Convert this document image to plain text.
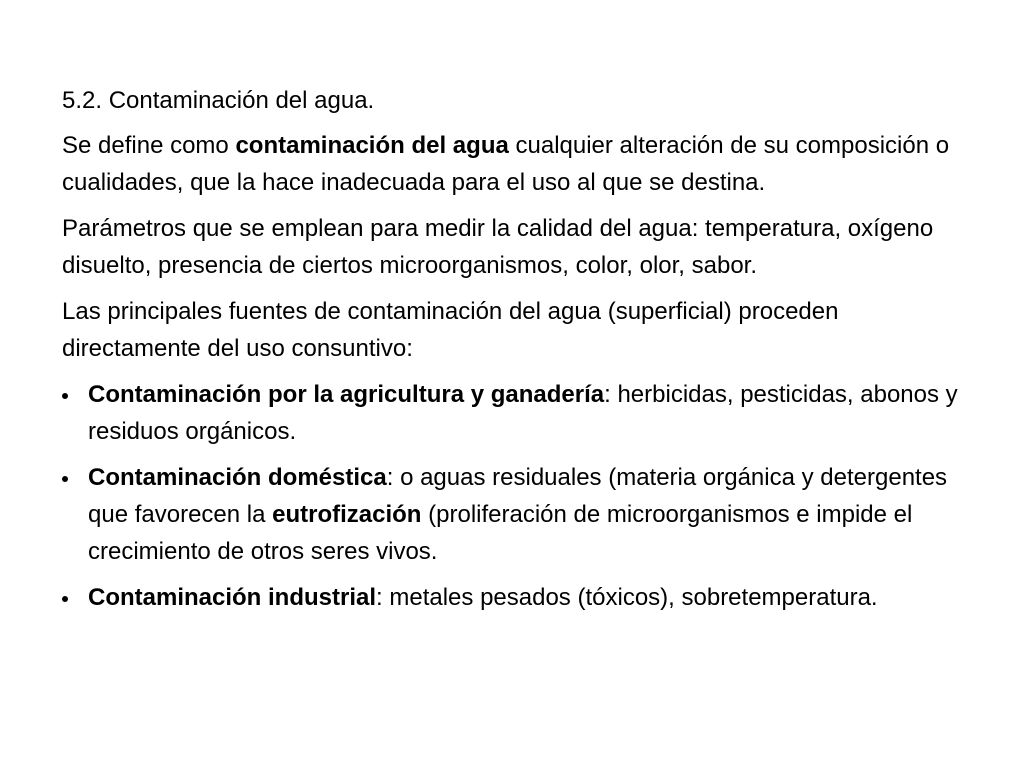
5.2. Contaminación del agua.

Se define como contaminación del agua cualquier alteración de su composición o cualidades, que la hace inadecuada para el uso al que se destina.

Parámetros que se emplean para medir la calidad del agua: temperatura, oxígeno disuelto, presencia de ciertos microorganismos, color, olor, sabor.

Las principales fuentes de contaminación del agua (superficial) proceden directamente del uso consuntivo:

Contaminación por la agricultura y ganadería: herbicidas, pesticidas, abonos y residuos orgánicos.
Contaminación doméstica: o aguas residuales (materia orgánica y detergentes que favorecen la eutrofización (proliferación de microorganismos e impide el crecimiento de otros seres vivos.
Contaminación industrial: metales pesados (tóxicos), sobretemperatura.
